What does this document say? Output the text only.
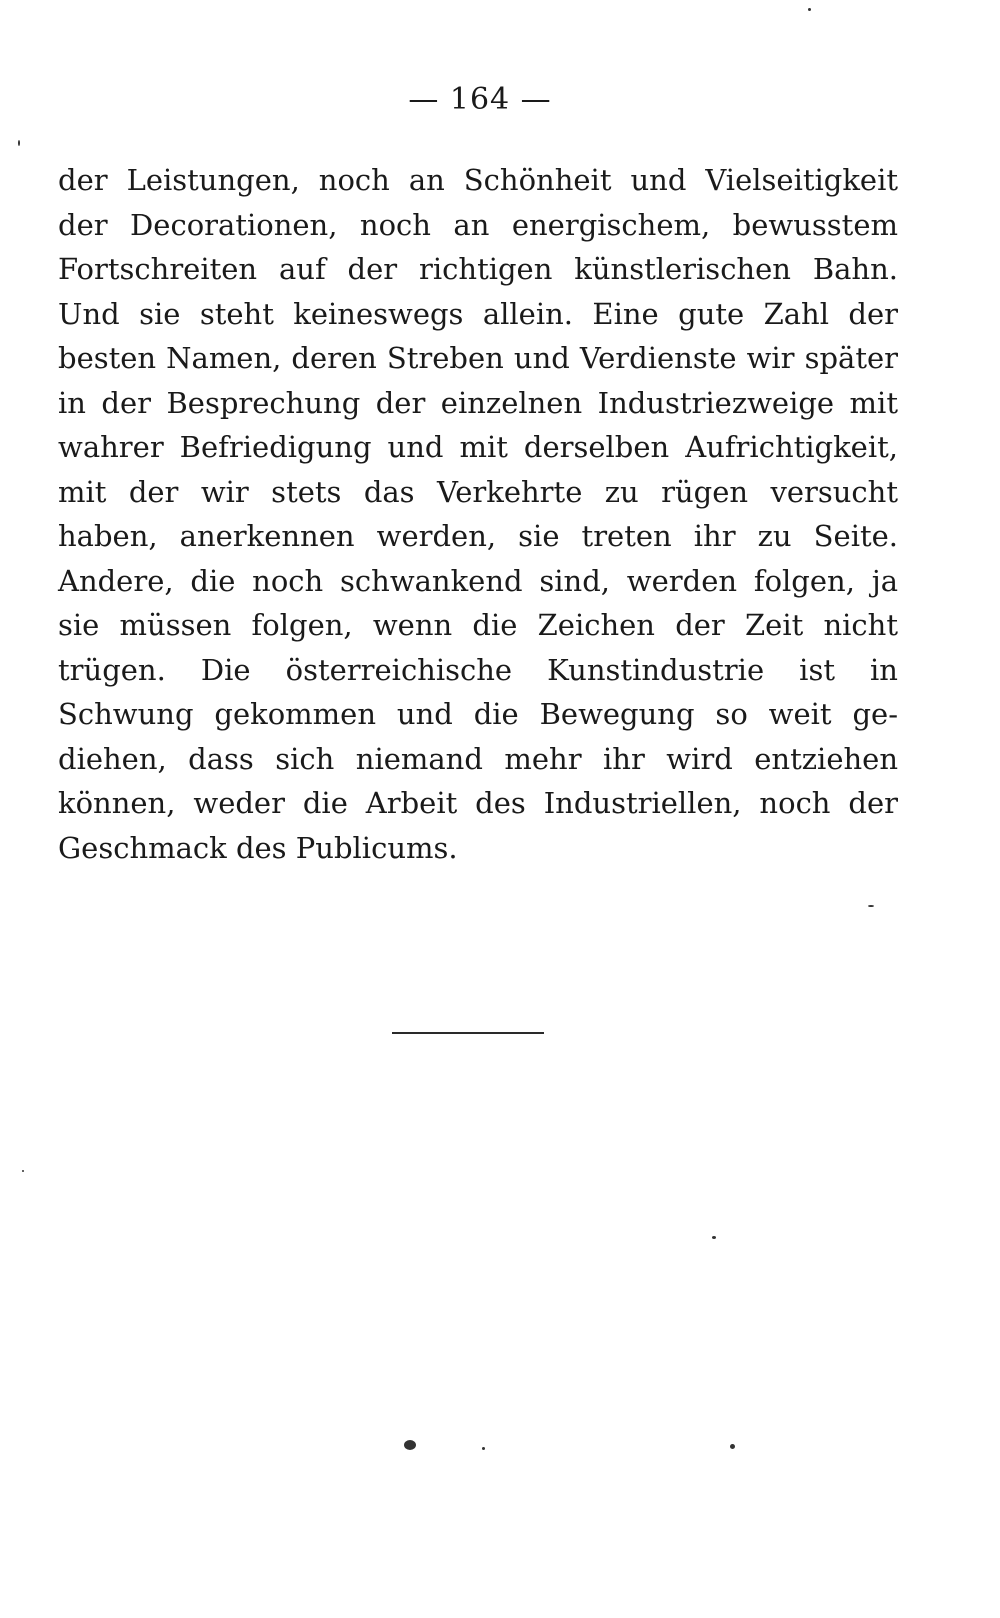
— 164 —
der Leistungen, noch an Schönheit und Vielseitigkeit
der Decorationen, noch an energischem, bewusstem
Fortschreiten auf der richtigen künstlerischen Bahn.
Und sie steht keineswegs allein. Eine gute Zahl der
besten Namen, deren Streben und Verdienste wir später
in der Besprechung der einzelnen Industriezweige mit
wahrer Befriedigung und mit derselben Aufrichtigkeit,
mit der wir stets das Verkehrte zu rügen versucht
haben, anerkennen werden, sie treten ihr zu Seite.
Andere, die noch schwankend sind, werden folgen, ja
sie müssen folgen, wenn die Zeichen der Zeit nicht
trügen. Die österreichische Kunstindustrie ist in
Schwung gekommen und die Bewegung so weit ge-
diehen, dass sich niemand mehr ihr wird entziehen
können, weder die Arbeit des Industriellen, noch der
Geschmack des Publicums.
